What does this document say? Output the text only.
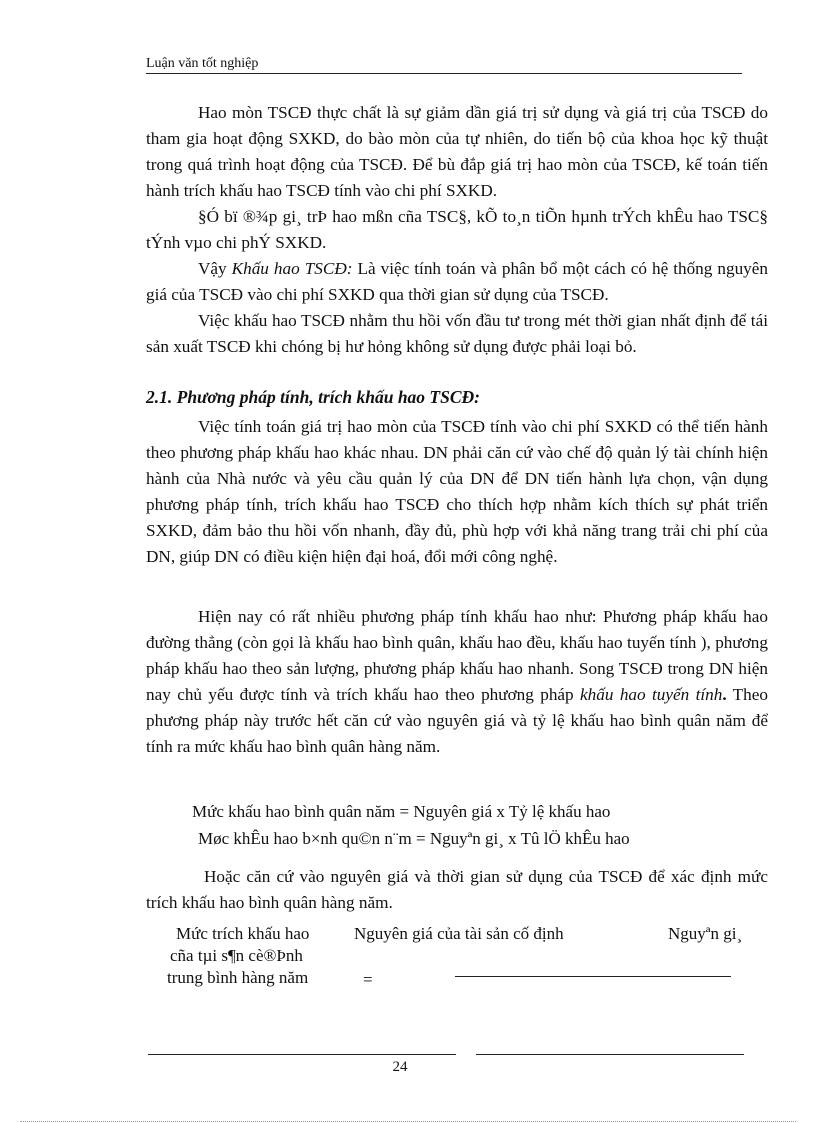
Luận văn tốt nghiệp

Hao mòn TSCĐ thực chất là sự giảm dần giá trị sử dụng và giá trị của TSCĐ do tham gia hoạt động SXKD, do bào mòn của tự nhiên, do tiến bộ của khoa học kỹ thuật trong quá trình hoạt động của TSCĐ. Để bù đắp giá trị hao mòn của TSCĐ, kế toán tiến hành trích khấu hao TSCĐ tính vào chi phí SXKD.

§Ó bï ®¾p gi¸ trÞ hao mßn cña TSC§, kÕ to¸n tiÕn hµnh trÝch khÊu hao TSC§ tÝnh vµo chi phÝ SXKD.

Vậy Khấu hao TSCĐ: Là việc tính toán và phân bổ một cách có hệ thống nguyên giá của TSCĐ vào chi phí SXKD qua thời gian sử dụng của TSCĐ.

Việc khấu hao TSCĐ nhằm thu hồi vốn đầu tư trong mét thời gian nhất định để tái sản xuất TSCĐ khi chóng bị hư hỏng không sử dụng được phải loại bỏ.

2.1. Phương pháp tính, trích khấu hao TSCĐ:

Việc tính toán giá trị hao mòn của TSCĐ tính vào chi phí SXKD có thể tiến hành theo phương pháp khấu hao khác nhau. DN phải căn cứ vào chế độ quản lý tài chính hiện hành của Nhà nước và yêu cầu quản lý của DN để DN tiến hành lựa chọn, vận dụng phương pháp tính, trích khấu hao TSCĐ cho thích hợp nhằm kích thích sự phát triển SXKD, đảm bảo thu hồi vốn nhanh, đầy đủ, phù hợp với khả năng trang trải chi phí của DN, giúp DN có điều kiện hiện đại hoá, đổi mới công nghệ.

Hiện nay có rất nhiều phương pháp tính khấu hao như: Phương pháp khấu hao đường thẳng (còn gọi là khấu hao bình quân, khấu hao đều, khấu hao tuyến tính ), phương pháp khấu hao theo sản lượng, phương pháp khấu hao nhanh. Song TSCĐ trong DN hiện nay chủ yếu được tính và trích khấu hao theo phương pháp khấu hao tuyến tính. Theo phương pháp này trước hết căn cứ vào nguyên giá và tỷ lệ khấu hao bình quân năm để tính ra mức khấu hao bình quân hàng năm.

Mức khấu hao bình quân năm = Nguyên giá x Tỷ lệ khấu hao
Møc khÊu hao b×nh qu©n n¨m = Nguyªn gi¸ x Tû lÖ khÊu hao

Hoặc căn cứ vào nguyên giá và thời gian sử dụng của TSCĐ để xác định mức trích khấu hao bình quân hàng năm.

Mức trích khấu hao
cña tµi s¶n cè®Þnh
trung bình hàng năm	=
Nguyên giá của tài sản cố định	Nguyªn gi¸
24
